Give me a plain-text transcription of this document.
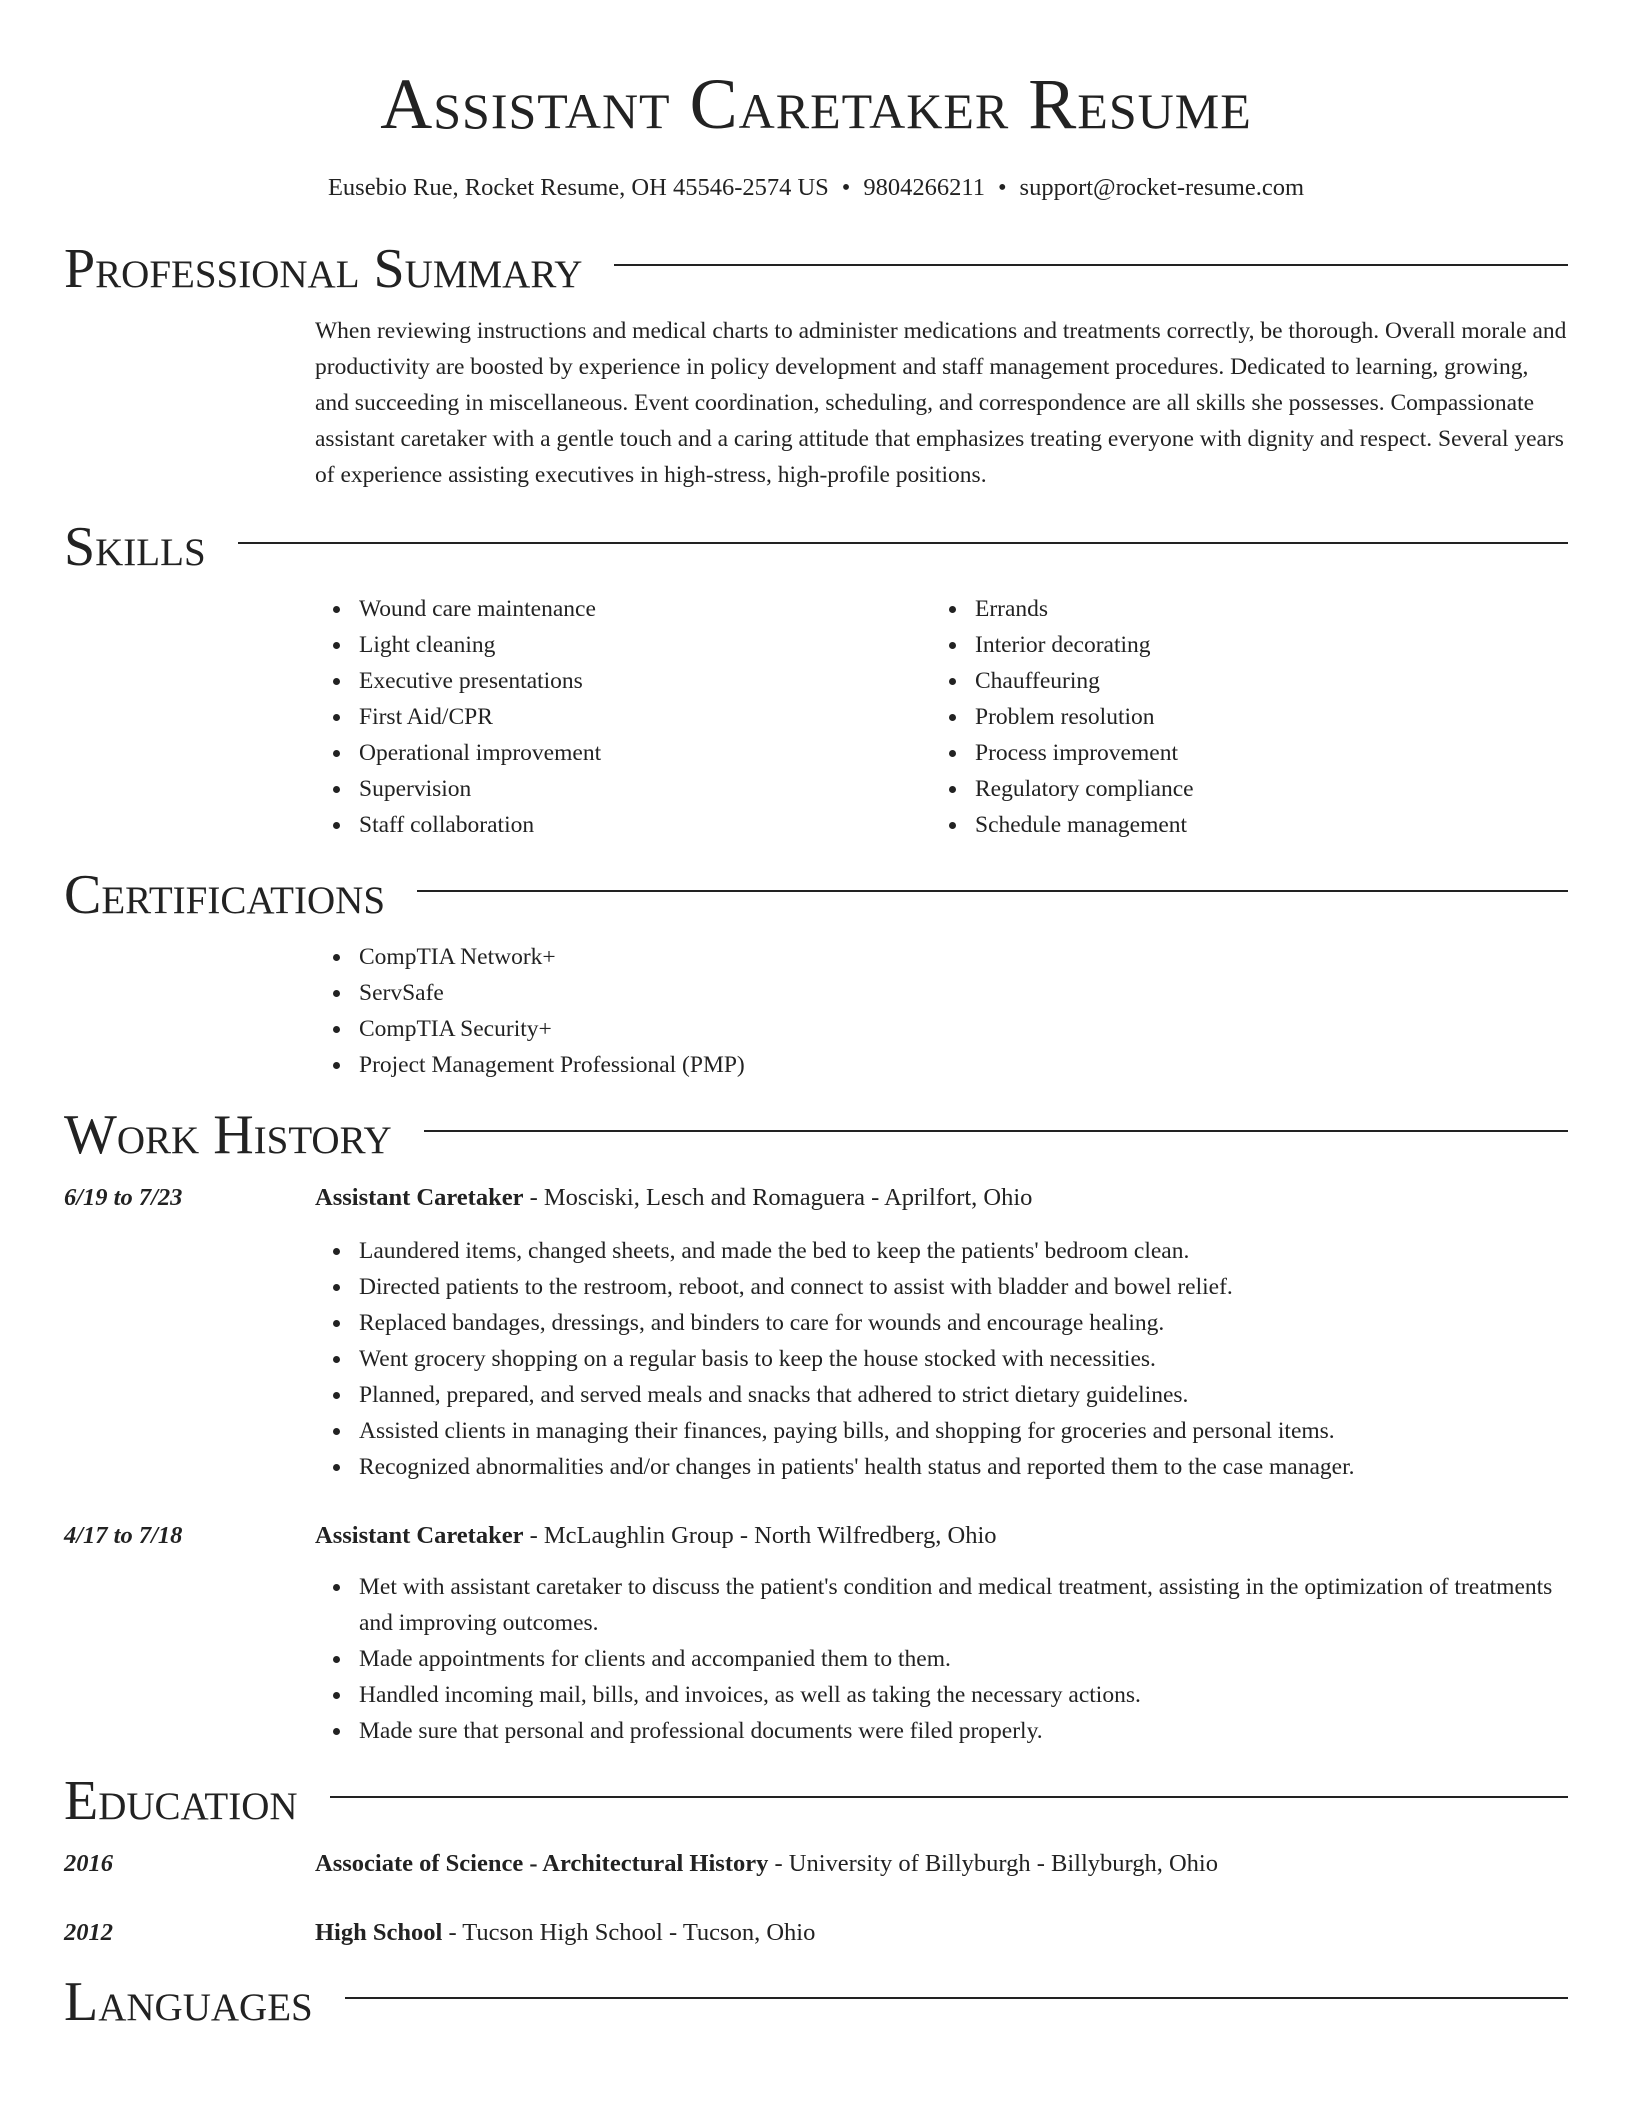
Assistant Caretaker Resume
Eusebio Rue, Rocket Resume, OH 45546-2574 US • 9804266211 • support@rocket-resume.com
Professional Summary

When reviewing instructions and medical charts to administer medications and treatments correctly, be thorough. Overall morale and productivity are boosted by experience in policy development and staff management procedures. Dedicated to learning, growing, and succeeding in miscellaneous. Event coordination, scheduling, and correspondence are all skills she possesses. Compassionate assistant caretaker with a gentle touch and a caring attitude that emphasizes treating everyone with dignity and respect. Several years of experience assisting executives in high-stress, high-profile positions.

Skills
Wound care maintenance
Light cleaning
Executive presentations
First Aid/CPR
Operational improvement
Supervision
Staff collaboration
Errands
Interior decorating
Chauffeuring
Problem resolution
Process improvement
Regulatory compliance
Schedule management
Certifications
CompTIA Network+
ServSafe
CompTIA Security+
Project Management Professional (PMP)
Work History
6/19 to 7/23	Assistant Caretaker - Mosciski, Lesch and Romaguera - Aprilfort, Ohio
Laundered items, changed sheets, and made the bed to keep the patients' bedroom clean.
Directed patients to the restroom, reboot, and connect to assist with bladder and bowel relief.
Replaced bandages, dressings, and binders to care for wounds and encourage healing.
Went grocery shopping on a regular basis to keep the house stocked with necessities.
Planned, prepared, and served meals and snacks that adhered to strict dietary guidelines.
Assisted clients in managing their finances, paying bills, and shopping for groceries and personal items.
Recognized abnormalities and/or changes in patients' health status and reported them to the case manager.
4/17 to 7/18	Assistant Caretaker - McLaughlin Group - North Wilfredberg, Ohio
Met with assistant caretaker to discuss the patient's condition and medical treatment, assisting in the optimization of treatments and improving outcomes.
Made appointments for clients and accompanied them to them.
Handled incoming mail, bills, and invoices, as well as taking the necessary actions.
Made sure that personal and professional documents were filed properly.
Education
2016	Associate of Science - Architectural History - University of Billyburgh - Billyburgh, Ohio
2012	High School - Tucson High School - Tucson, Ohio
Languages
